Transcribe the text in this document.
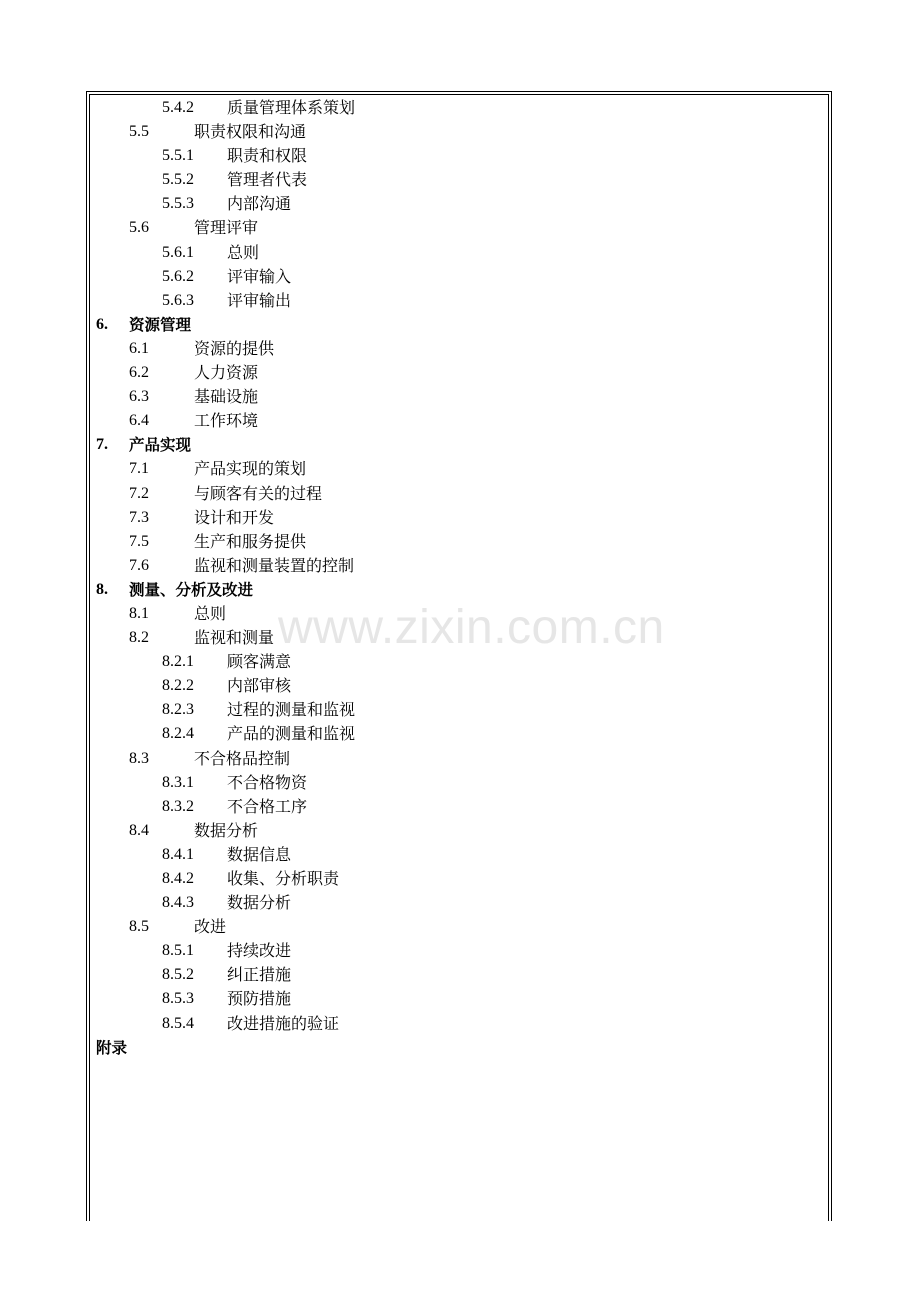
www.zixin.com.cn
5.4.2 质量管理体系策划
5.5	职责权限和沟通
5.5.1 职责和权限
5.5.2 管理者代表
5.5.3 内部沟通
5.6	管理评审
5.6.1 总则
5.6.2 评审输入
5.6.3 评审输出
6. 资源管理
6.1	资源的提供
6.2	人力资源
6.3	基础设施
6.4	工作环境
7. 产品实现
7.1	产品实现的策划
7.2	与顾客有关的过程
7.3	设计和开发
7.5	生产和服务提供
7.6	监视和测量装置的控制
8. 测量、分析及改进
8.1	总则
8.2	监视和测量
8.2.1 顾客满意
8.2.2 内部审核
8.2.3 过程的测量和监视
8.2.4 产品的测量和监视
8.3	不合格品控制
8.3.1 不合格物资
8.3.2 不合格工序
8.4	数据分析
8.4.1 数据信息
8.4.2 收集、分析职责
8.4.3 数据分析
8.5	改进
8.5.1 持续改进
8.5.2 纠正措施
8.5.3 预防措施
8.5.4 改进措施的验证
附录
